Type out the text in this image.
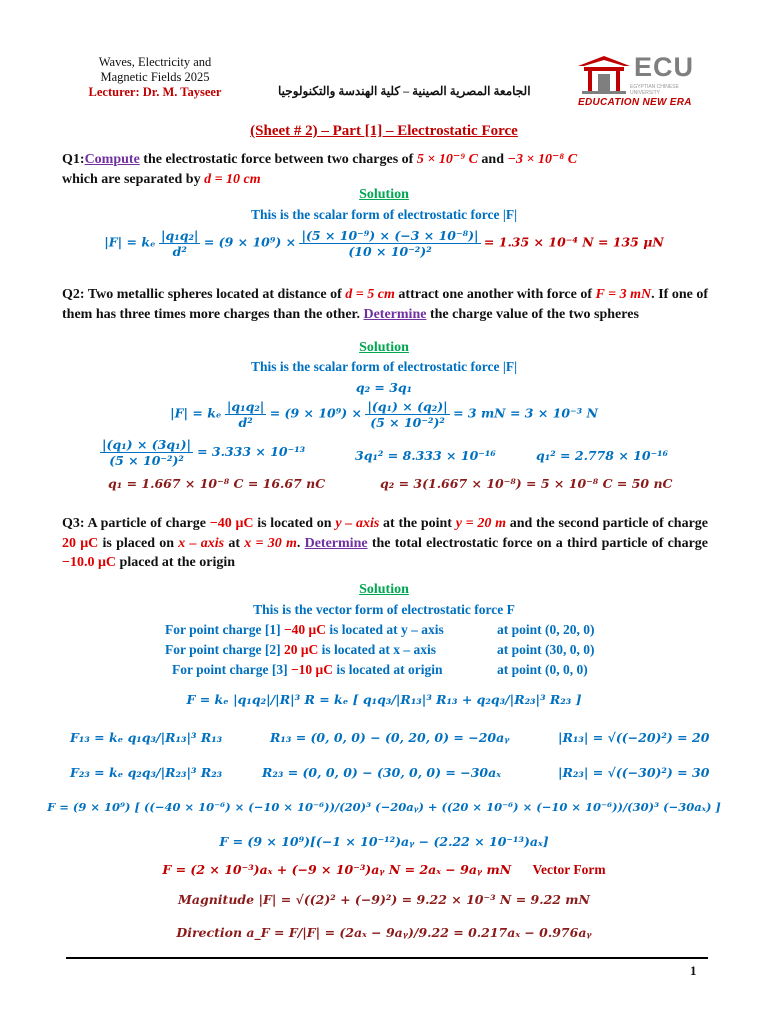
Waves, Electricity and
Magnetic Fields 2025
Lecturer: Dr. M. Tayseer	الجامعة المصرية الصينية – كلية الهندسة والتكنولوجيا
ECU
EGYPTIAN CHINESE UNIVERSITY
EDUCATION NEW ERA
(Sheet # 2) – Part [1] – Electrostatic Force
Q1:Compute the electrostatic force between two charges of 5 × 10⁻⁹ C and −3 × 10⁻⁸ C
which are separated by d = 10 cm
Solution
This is the scalar form of electrostatic force |F|
|F| = kₑ $\frac{\text{|q₁q₂|}}{\text{d²}} = (9 \times 10^9) \times \frac{\text{|(5 × 10⁻⁹) × (−3 × 10⁻⁸)|}}{\text{(10 × 10⁻²)²}} = 1.35 \times 10^{-4}$ N = 135 μN
Q2: Two metallic spheres located at distance of d = 5 cm attract one another with force of F = 3 mN. If one of them has three times more charges than the other. Determine the charge value of the two spheres
Solution
This is the scalar form of electrostatic force |F|
q₂ = 3q₁
|F| = kₑ $\frac{\text{|q₁q₂|}}{\text{d²}} = (9 \times 10^9) \times \frac{\text{|(q₁) × (q₂)|}}{\text{(5 × 10⁻²)²}} = 3$ mN = 3 × 10⁻³ N
$\frac{\text{|(q₁) × (3q₁)|}}{\text{(5 × 10⁻²)²}} = 3.333 \times 10^{-13}$	3q₁² = 8.333 × 10⁻¹⁶	q₁² = 2.778 × 10⁻¹⁶
q₁ = 1.667 × 10⁻⁸ C = 16.67 nC	q₂ = 3(1.667 × 10⁻⁸) = 5 × 10⁻⁸ C = 50 nC
Q3: A particle of charge −40 μC is located on y – axis at the point y = 20 m and the second particle of charge 20 μC is placed on x – axis at x = 30 m. Determine the total electrostatic force on a third particle of charge −10.0 μC placed at the origin
Solution
This is the vector form of electrostatic force F
For point charge [1] −40 μC is located at y – axis	at point (0, 20, 0)
For point charge [2] 20 μC is located at x – axis	at point (30, 0, 0)
For point charge [3] −10 μC is located at origin	at point (0, 0, 0)
F = kₑ |q₁q₂|/|R|³ R = kₑ [ q₁q₃/|R₁₃|³ R₁₃ + q₂q₃/|R₂₃|³ R₂₃ ]
F₁₃ = kₑ q₁q₃/|R₁₃|³ R₁₃	R₁₃ = (0, 0, 0) − (0, 20, 0) = −20aᵧ	|R₁₃| = √((−20)²) = 20
F₂₃ = kₑ q₂q₃/|R₂₃|³ R₂₃	R₂₃ = (0, 0, 0) − (30, 0, 0) = −30aₓ	|R₂₃| = √((−30)²) = 30
F = (9 × 10⁹) [ ((−40 × 10⁻⁶) × (−10 × 10⁻⁶))/(20)³ (−20aᵧ) + ((20 × 10⁻⁶) × (−10 × 10⁻⁶))/(30)³ (−30aₓ) ]
F = (9 × 10⁹)[(−1 × 10⁻¹²)aᵧ − (2.22 × 10⁻¹³)aₓ]
F = (2 × 10⁻³)aₓ + (−9 × 10⁻³)aᵧ N = 2aₓ − 9aᵧ mN Vector Form
Magnitude |F| = √((2)² + (−9)²) = 9.22 × 10⁻³ N = 9.22 mN
Direction a_F = F/|F| = (2aₓ − 9aᵧ)/9.22 = 0.217aₓ − 0.976aᵧ
1
